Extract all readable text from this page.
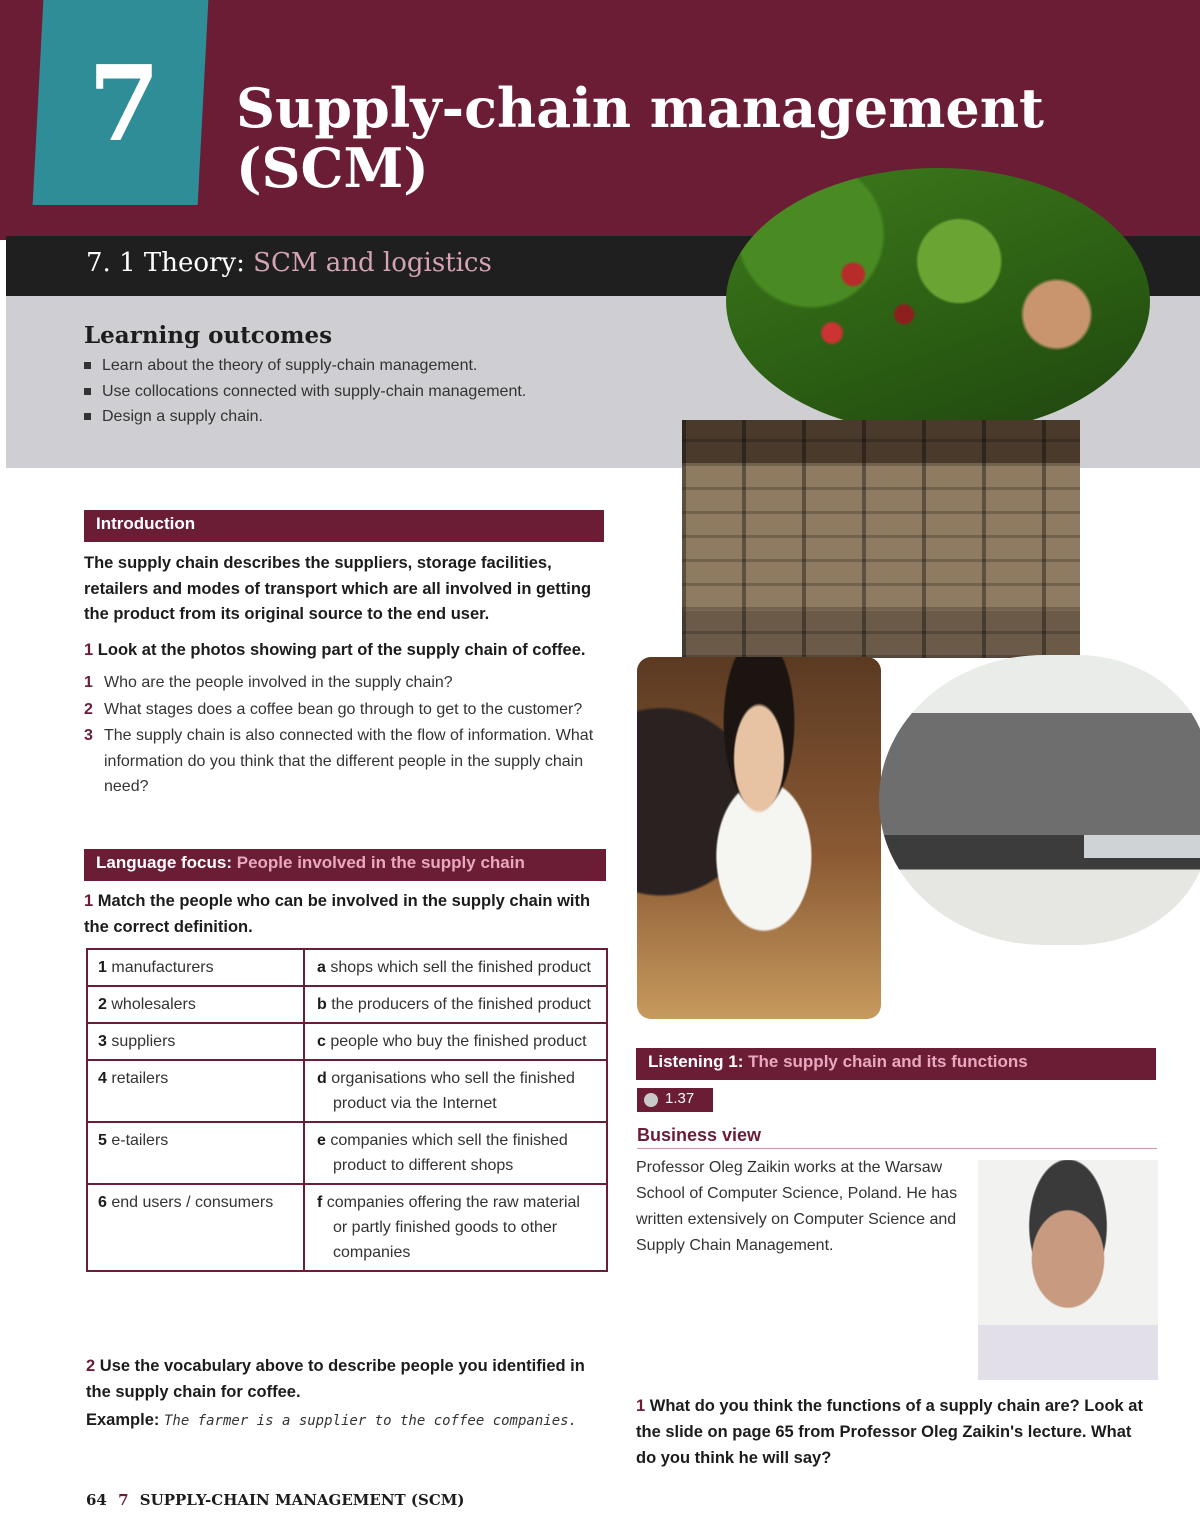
7 Supply-chain management
(SCM)
7. 1 Theory: SCM and logistics
Learning outcomes
Learn about the theory of supply-chain management.
Use collocations connected with supply-chain management.
Design a supply chain.
Introduction

The supply chain describes the suppliers, storage facilities, retailers and modes of transport which are all involved in getting the product from its original source to the end user.

1 Look at the photos showing part of the supply chain of coffee.
1 Who are the people involved in the supply chain?
2 What stages does a coffee bean go through to get to the customer?
3 The supply chain is also connected with the flow of information. What information do you think that the different people in the supply chain need?
Language focus: People involved in the supply chain
1 Match the people who can be involved in the supply chain with the correct definition.
1 manufacturers	a shops which sell the finished product
2 wholesalers	b the producers of the finished product
3 suppliers	c people who buy the finished product
4 retailers	d organisations who sell the finished product via the Internet
5 e-tailers	e companies which sell the finished product to different shops
6 end users / consumers	f companies offering the raw material or partly finished goods to other companies
2 Use the vocabulary above to describe people you identified in the supply chain for coffee.
Example: The farmer is a supplier to the coffee companies.
Listening 1: The supply chain and its functions
1.37
Business view

Professor Oleg Zaikin works at the Warsaw School of Computer Science, Poland. He has written extensively on Computer Science and Supply Chain Management.

1 What do you think the functions of a supply chain are? Look at the slide on page 65 from Professor Oleg Zaikin's lecture. What do you think he will say?
64 7 SUPPLY-CHAIN MANAGEMENT (SCM)
